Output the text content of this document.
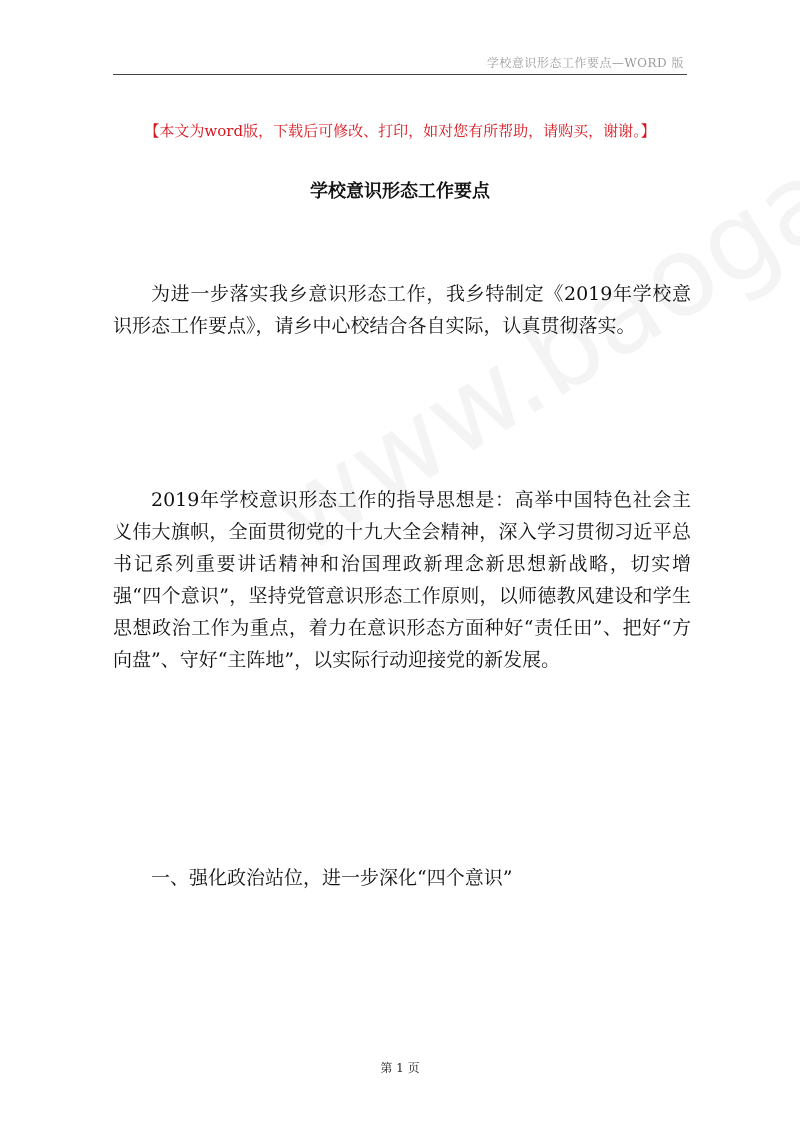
学校意识形态工作要点—WORD 版
【本文为word版，下载后可修改、打印，如对您有所帮助，请购买，谢谢。】
学校意识形态工作要点

为进一步落实我乡意识形态工作，我乡特制定《2019年学校意识形态工作要点》，请乡中心校结合各自实际，认真贯彻落实。

2019年学校意识形态工作的指导思想是：高举中国特色社会主义伟大旗帜，全面贯彻党的十九大全会精神，深入学习贯彻习近平总书记系列重要讲话精神和治国理政新理念新思想新战略，切实增强“四个意识”，坚持党管意识形态工作原则，以师德教风建设和学生思想政治工作为重点，着力在意识形态方面种好“责任田”、把好“方向盘”、守好“主阵地”，以实际行动迎接党的新发展。

一、强化政治站位，进一步深化“四个意识”

第 1 页
